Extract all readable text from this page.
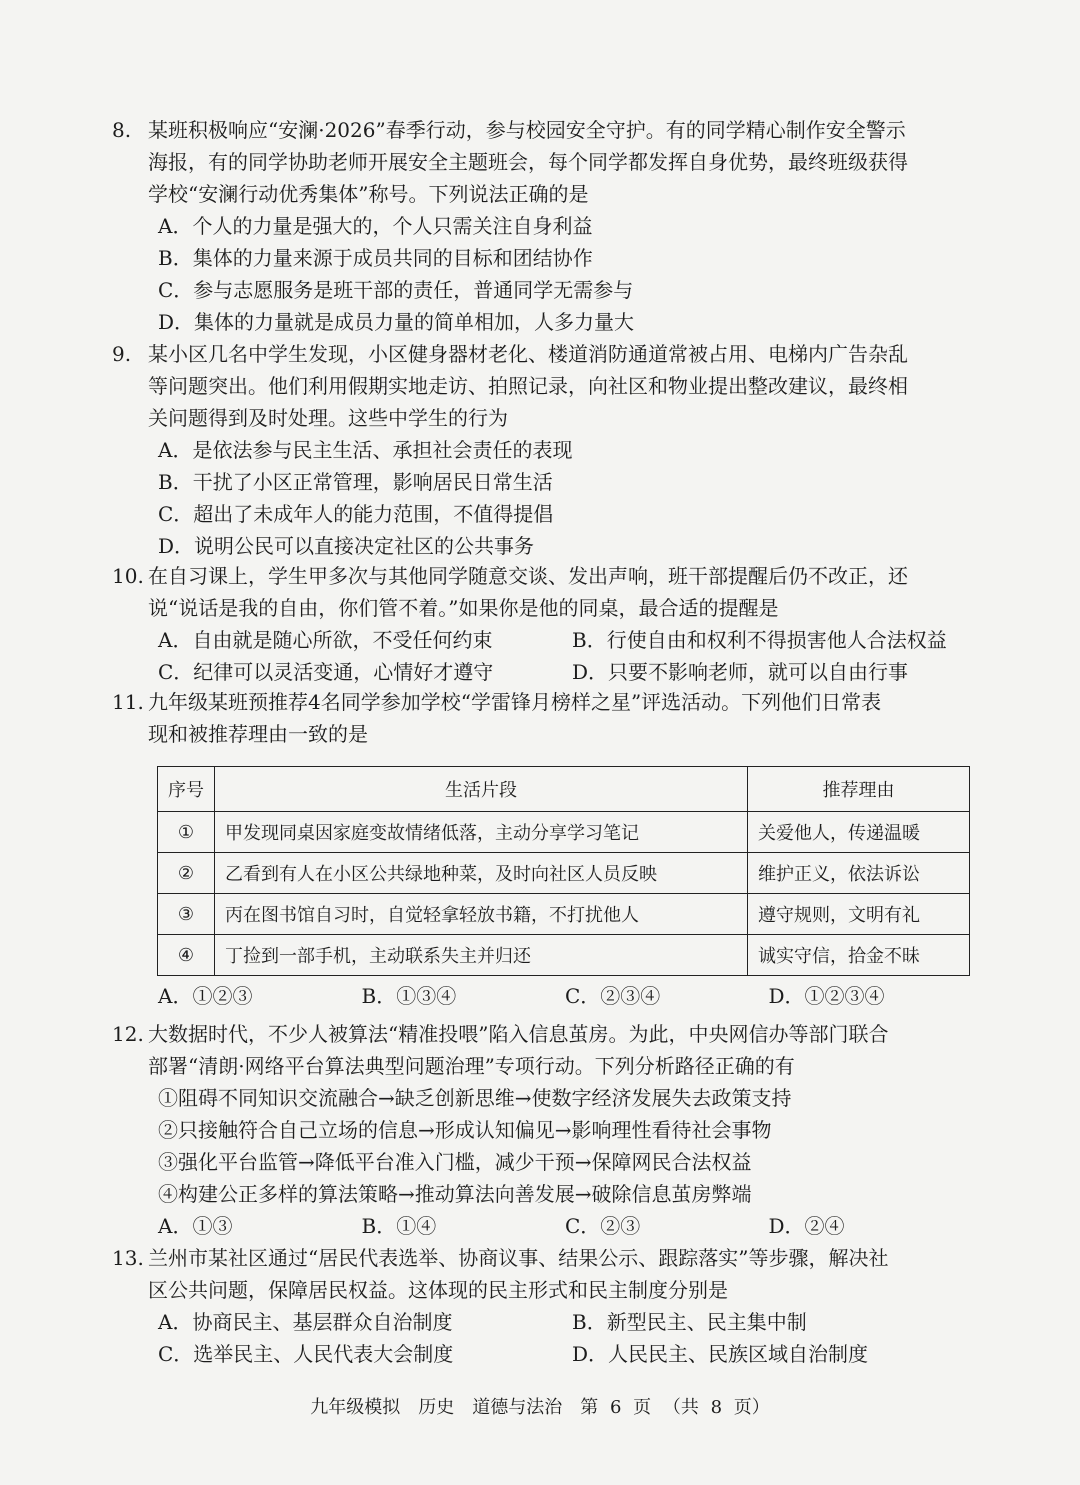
8. 某班积极响应“安澜·2026”春季行动，参与校园安全守护。有的同学精心制作安全警示
海报，有的同学协助老师开展安全主题班会，每个同学都发挥自身优势，最终班级获得
学校“安澜行动优秀集体”称号。下列说法正确的是
A．个人的力量是强大的，个人只需关注自身利益
B．集体的力量来源于成员共同的目标和团结协作
C．参与志愿服务是班干部的责任，普通同学无需参与
D．集体的力量就是成员力量的简单相加，人多力量大
9. 某小区几名中学生发现，小区健身器材老化、楼道消防通道常被占用、电梯内广告杂乱
等问题突出。他们利用假期实地走访、拍照记录，向社区和物业提出整改建议，最终相
关问题得到及时处理。这些中学生的行为
A．是依法参与民主生活、承担社会责任的表现
B．干扰了小区正常管理，影响居民日常生活
C．超出了未成年人的能力范围，不值得提倡
D．说明公民可以直接决定社区的公共事务
10. 在自习课上，学生甲多次与其他同学随意交谈、发出声响，班干部提醒后仍不改正，还
说“说话是我的自由，你们管不着。”如果你是他的同桌，最合适的提醒是
A．自由就是随心所欲，不受任何约束	B．行使自由和权利不得损害他人合法权益
C．纪律可以灵活变通，心情好才遵守	D．只要不影响老师，就可以自由行事
11. 九年级某班预推荐4名同学参加学校“学雷锋月榜样之星”评选活动。下列他们日常表
现和被推荐理由一致的是
序号	生活片段	推荐理由
①	甲发现同桌因家庭变故情绪低落，主动分享学习笔记	关爱他人，传递温暖
②	乙看到有人在小区公共绿地种菜，及时向社区人员反映	维护正义，依法诉讼
③	丙在图书馆自习时，自觉轻拿轻放书籍，不打扰他人	遵守规则，文明有礼
④	丁捡到一部手机，主动联系失主并归还	诚实守信，拾金不昧
A．①②③	B．①③④	C．②③④	D．①②③④
12. 大数据时代，不少人被算法“精准投喂”陷入信息茧房。为此，中央网信办等部门联合
部署“清朗·网络平台算法典型问题治理”专项行动。下列分析路径正确的有
①阻碍不同知识交流融合→缺乏创新思维→使数字经济发展失去政策支持
②只接触符合自己立场的信息→形成认知偏见→影响理性看待社会事物
③强化平台监管→降低平台准入门槛，减少干预→保障网民合法权益
④构建公正多样的算法策略→推动算法向善发展→破除信息茧房弊端
A．①③	B．①④	C．②③	D．②④
13. 兰州市某社区通过“居民代表选举、协商议事、结果公示、跟踪落实”等步骤，解决社
区公共问题，保障居民权益。这体现的民主形式和民主制度分别是
A．协商民主、基层群众自治制度	B．新型民主、民主集中制
C．选举民主、人民代表大会制度	D．人民民主、民族区域自治制度
九年级模拟　历史　道德与法治　第 6 页 （共 8 页）
